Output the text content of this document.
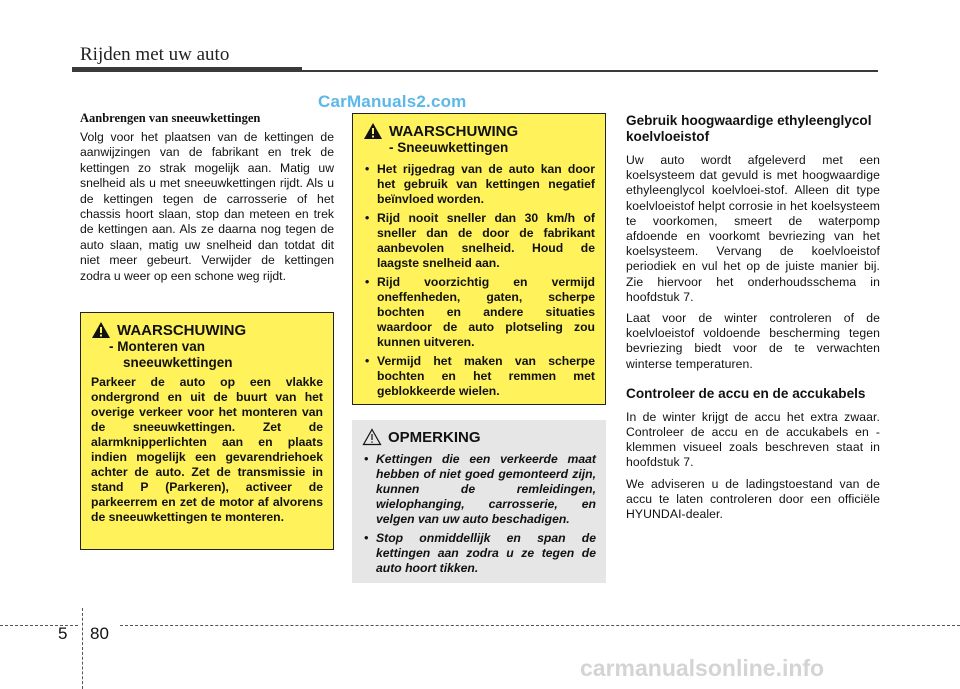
Rijden met uw auto
CarManuals2.com
Aanbrengen van sneeuwkettingen

Volg voor het plaatsen van de kettingen de aanwijzingen van de fabrikant en trek de kettingen zo strak mogelijk aan. Matig uw snelheid als u met sneeuwkettingen rijdt. Als u de kettingen tegen de carrosserie of het chassis hoort slaan, stop dan meteen en trek de kettingen aan. Als ze daarna nog tegen de auto slaan, matig uw snelheid dan totdat dit niet meer gebeurt. Verwijder de kettingen zodra u weer op een schone weg rijdt.

WAARSCHUWING
- Monteren van
sneeuwkettingen
Parkeer de auto op een vlakke ondergrond en uit de buurt van het overige verkeer voor het monteren van de sneeuwkettingen. Zet de alarmknipperlichten aan en plaats indien mogelijk een gevarendriehoek achter de auto. Zet de transmissie in stand P (Parkeren), activeer de parkeerrem en zet de motor af alvorens de sneeuwkettingen te monteren.
WAARSCHUWING
- Sneeuwkettingen
• Het rijgedrag van de auto kan door het gebruik van kettingen negatief beïnvloed worden.
• Rijd nooit sneller dan 30 km/h of sneller dan de door de fabrikant aanbevolen snelheid. Houd de laagste snelheid aan.
• Rijd voorzichtig en vermijd oneffenheden, gaten, scherpe bochten en andere situaties waardoor de auto plotseling zou kunnen uitveren.
• Vermijd het maken van scherpe bochten en het remmen met geblokkeerde wielen.
OPMERKING
• Kettingen die een verkeerde maat hebben of niet goed gemonteerd zijn, kunnen de remleidingen, wielophanging, carrosserie, en velgen van uw auto beschadigen.
• Stop onmiddellijk en span de kettingen aan zodra u ze tegen de auto hoort tikken.
Gebruik hoogwaardige ethyleenglycol koelvloeistof

Uw auto wordt afgeleverd met een koelsysteem dat gevuld is met hoogwaardige ethyleenglycol koelvloei-stof. Alleen dit type koelvloeistof helpt corrosie in het koelsysteem te voorkomen, smeert de waterpomp afdoende en voorkomt bevriezing van het koelsysteem. Vervang de koelvloeistof periodiek en vul het op de juiste manier bij. Zie hiervoor het onderhoudsschema in hoofdstuk 7.

Laat voor de winter controleren of de koelvloeistof voldoende bescherming tegen bevriezing biedt voor de te verwachten winterse temperaturen.

Controleer de accu en de accukabels

In de winter krijgt de accu het extra zwaar. Controleer de accu en de accukabels en -klemmen visueel zoals beschreven staat in hoofdstuk 7.

We adviseren u de ladingstoestand van de accu te laten controleren door een officiële HYUNDAI-dealer.

5 80
carmanualsonline.info
